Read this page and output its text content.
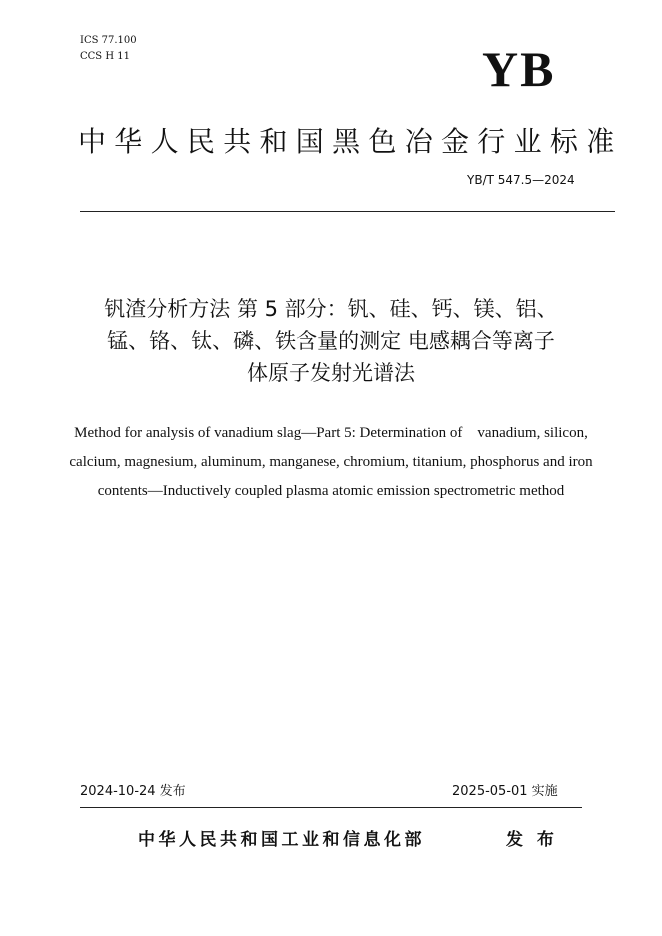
ICS 77.100
CCS H 11	YB
中华人民共和国黑色冶金行业标准
YB/T 547.5—2024
钒渣分析方法 第 5 部分：钒、硅、钙、镁、铝、
锰、铬、钛、磷、铁含量的测定 电感耦合等离子
体原子发射光谱法
Method for analysis of vanadium slag—Part 5: Determination of    vanadium, silicon,
calcium, magnesium, aluminum, manganese, chromium, titanium, phosphorus and iron
contents—Inductively coupled plasma atomic emission spectrometric method
2024-10-24 发布	2025-05-01 实施
中华人民共和国工业和信息化部	发 布
